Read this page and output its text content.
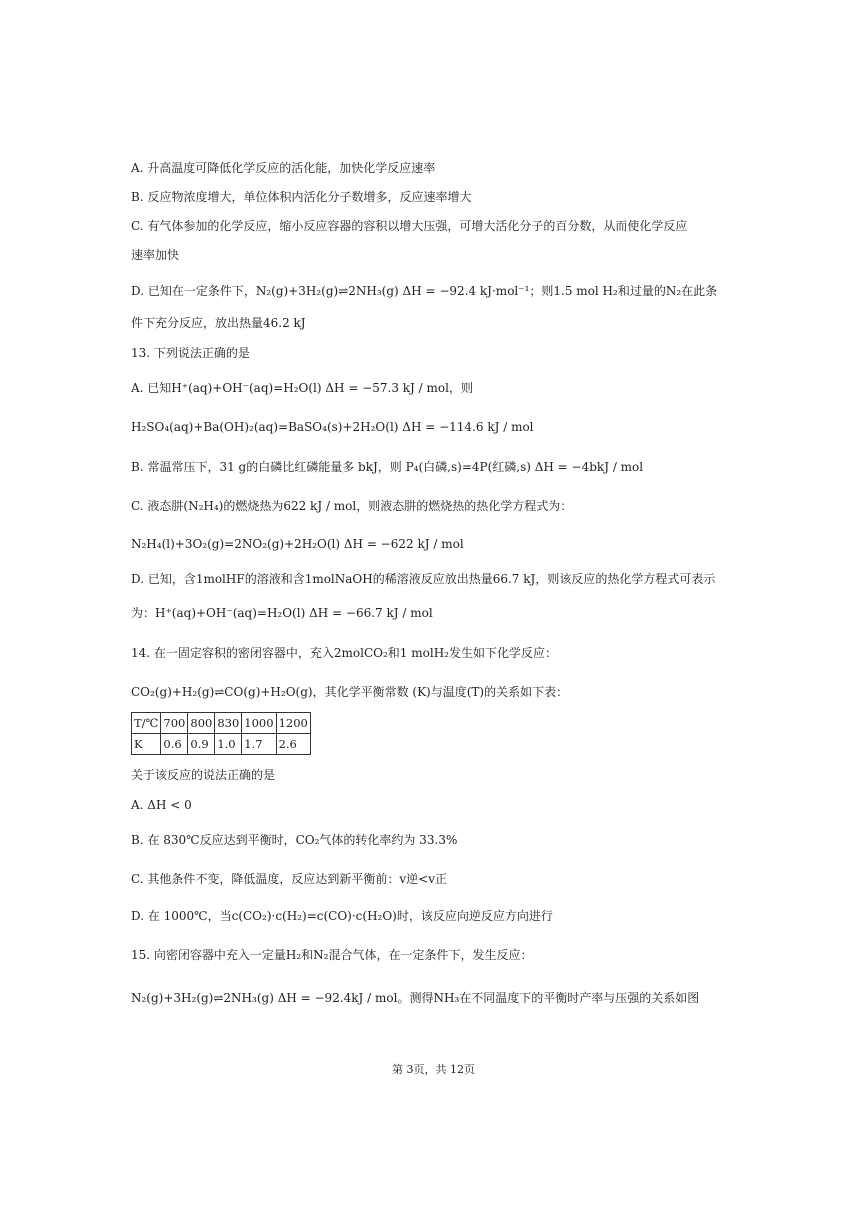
A. 升高温度可降低化学反应的活化能，加快化学反应速率
B. 反应物浓度增大，单位体积内活化分子数增多，反应速率增大
C. 有气体参加的化学反应，缩小反应容器的容积以增大压强，可增大活化分子的百分数，从而使化学反应
速率加快
D. 已知在一定条件下，N₂(g)+3H₂(g)⇌2NH₃(g) ΔH = −92.4 kJ·mol⁻¹；则1.5 mol H₂和过量的N₂在此条
件下充分反应，放出热量46.2 kJ
13. 下列说法正确的是
A. 已知H⁺(aq)+OH⁻(aq)=H₂O(l) ΔH = −57.3 kJ / mol，则
H₂SO₄(aq)+Ba(OH)₂(aq)=BaSO₄(s)+2H₂O(l) ΔH = −114.6 kJ / mol
B. 常温常压下，31 g的白磷比红磷能量多 bkJ，则 P₄(白磷,s)=4P(红磷,s) ΔH = −4bkJ / mol
C. 液态肼(N₂H₄)的燃烧热为622 kJ / mol，则液态肼的燃烧热的热化学方程式为：
N₂H₄(l)+3O₂(g)=2NO₂(g)+2H₂O(l) ΔH = −622 kJ / mol
D. 已知，含1molHF的溶液和含1molNaOH的稀溶液反应放出热量66.7 kJ，则该反应的热化学方程式可表示
为：H⁺(aq)+OH⁻(aq)=H₂O(l) ΔH = −66.7 kJ / mol
14. 在一固定容积的密闭容器中，充入2molCO₂和1 molH₂发生如下化学反应：
CO₂(g)+H₂(g)⇌CO(g)+H₂O(g)，其化学平衡常数 (K)与温度(T)的关系如下表：
T/℃	700	800	830	1000	1200
K	0.6	0.9	1.0	1.7	2.6
关于该反应的说法正确的是
A. ΔH < 0
B. 在 830℃反应达到平衡时，CO₂气体的转化率约为 33.3%
C. 其他条件不变，降低温度，反应达到新平衡前：v逆<v正
D. 在 1000℃，当c(CO₂)·c(H₂)=c(CO)·c(H₂O)时，该反应向逆反应方向进行
15. 向密闭容器中充入一定量H₂和N₂混合气体，在一定条件下，发生反应：
N₂(g)+3H₂(g)⇌2NH₃(g) ΔH = −92.4kJ / mol。测得NH₃在不同温度下的平衡时产率与压强的关系如图
第 3页，共 12页
